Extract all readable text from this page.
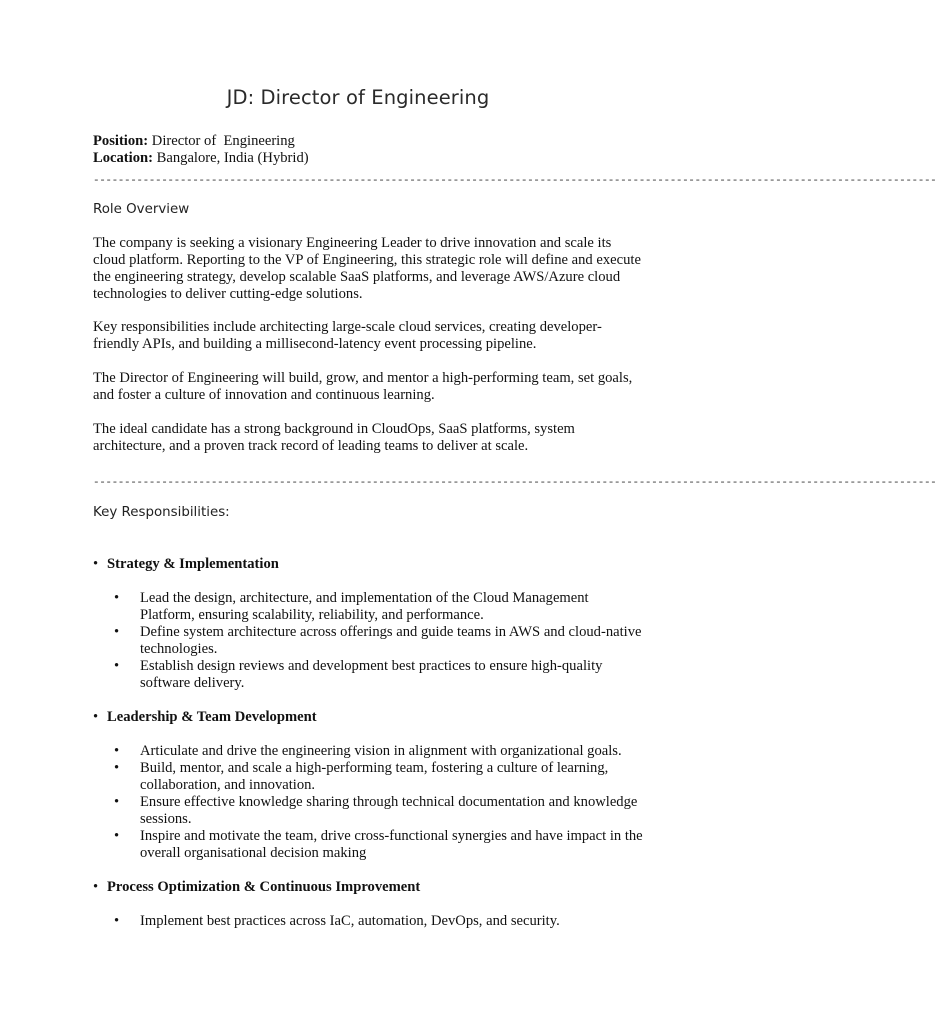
JD: Director of Engineering
Position: Director of  Engineering
Location: Bangalore, India (Hybrid)
----------------------------------------------------------------------------------------------------------------------------------------
Role Overview
The company is seeking a visionary Engineering Leader to drive innovation and scale its
cloud platform. Reporting to the VP of Engineering, this strategic role will define and execute
the engineering strategy, develop scalable SaaS platforms, and leverage AWS/Azure cloud
technologies to deliver cutting-edge solutions.
Key responsibilities include architecting large-scale cloud services, creating developer-
friendly APIs, and building a millisecond-latency event processing pipeline.
The Director of Engineering will build, grow, and mentor a high-performing team, set goals,
and foster a culture of innovation and continuous learning.
The ideal candidate has a strong background in CloudOps, SaaS platforms, system
architecture, and a proven track record of leading teams to deliver at scale.
----------------------------------------------------------------------------------------------------------------------------------------
Key Responsibilities:
• Strategy & Implementation
• Lead the design, architecture, and implementation of the Cloud Management
Platform, ensuring scalability, reliability, and performance.
• Define system architecture across offerings and guide teams in AWS and cloud-native
technologies.
• Establish design reviews and development best practices to ensure high-quality
software delivery.
• Leadership & Team Development
• Articulate and drive the engineering vision in alignment with organizational goals.
• Build, mentor, and scale a high-performing team, fostering a culture of learning,
collaboration, and innovation.
• Ensure effective knowledge sharing through technical documentation and knowledge
sessions.
• Inspire and motivate the team, drive cross-functional synergies and have impact in the
overall organisational decision making
• Process Optimization & Continuous Improvement
• Implement best practices across IaC, automation, DevOps, and security.
